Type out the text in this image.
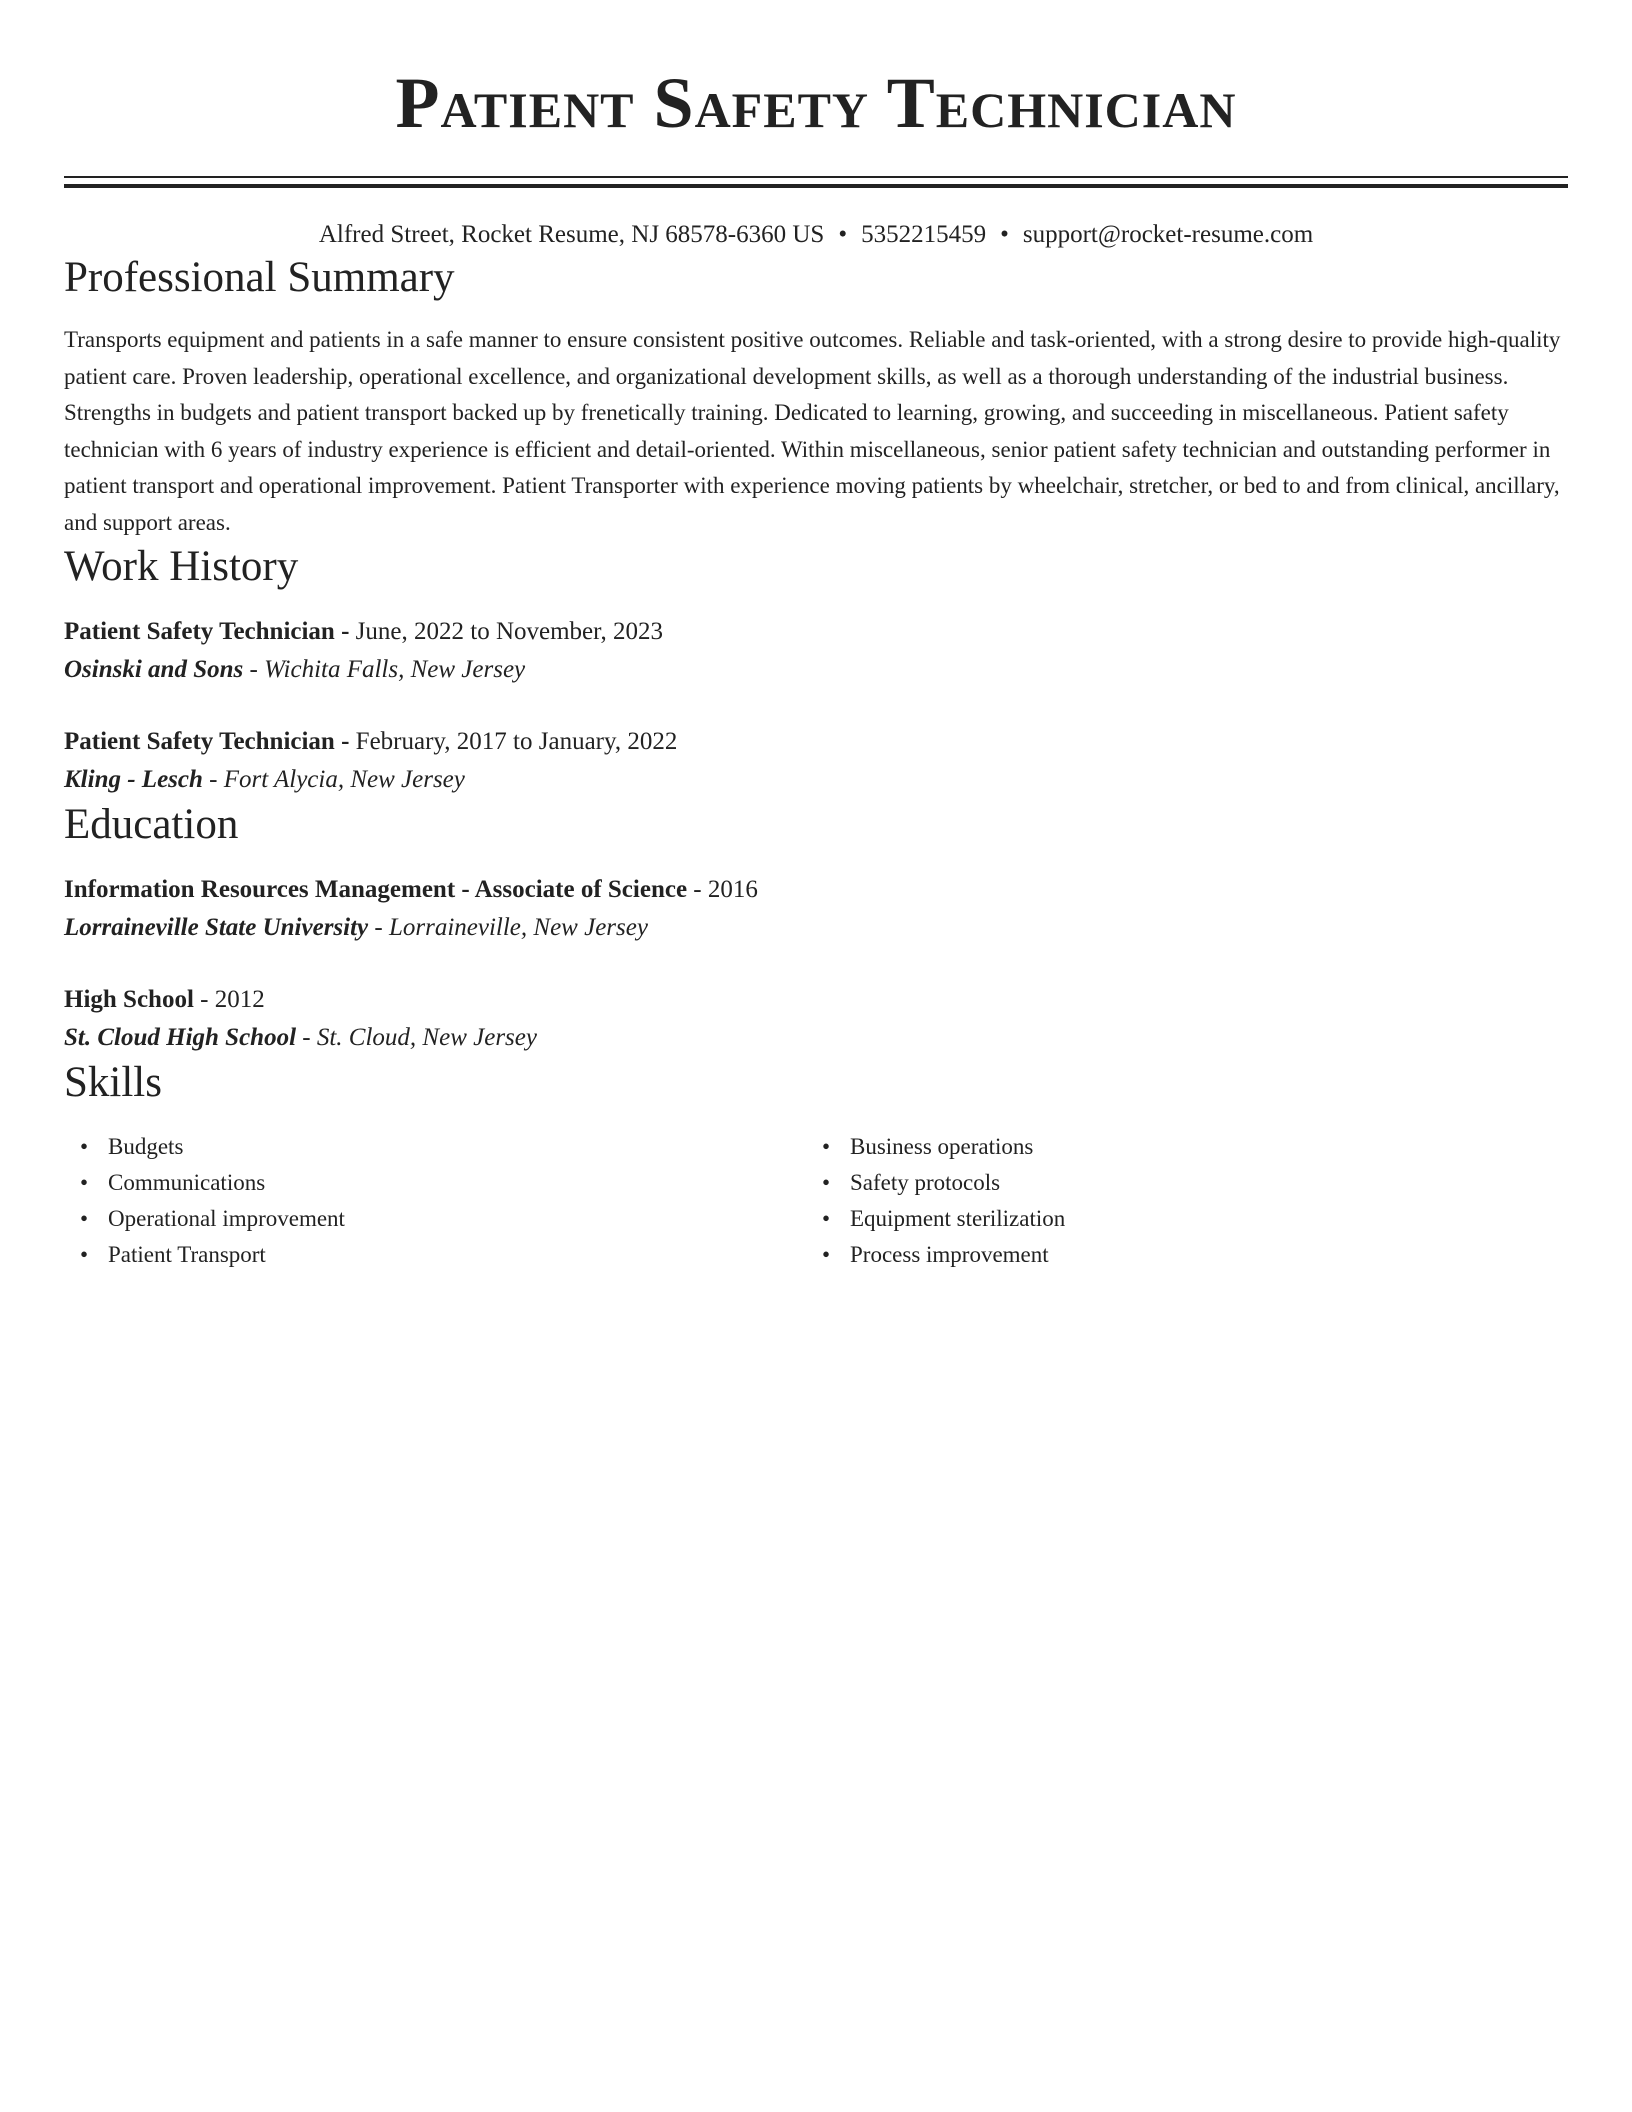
Patient Safety Technician
Alfred Street, Rocket Resume, NJ 68578-6360 US • 5352215459 • support@rocket-resume.com
Professional Summary
Transports equipment and patients in a safe manner to ensure consistent positive outcomes. Reliable and task-oriented, with a strong desire to provide high-quality patient care. Proven leadership, operational excellence, and organizational development skills, as well as a thorough understanding of the industrial business. Strengths in budgets and patient transport backed up by frenetically training. Dedicated to learning, growing, and succeeding in miscellaneous. Patient safety technician with 6 years of industry experience is efficient and detail-oriented. Within miscellaneous, senior patient safety technician and outstanding performer in patient transport and operational improvement. Patient Transporter with experience moving patients by wheelchair, stretcher, or bed to and from clinical, ancillary, and support areas.
Work History
Patient Safety Technician - June, 2022 to November, 2023
Osinski and Sons - Wichita Falls, New Jersey
Patient Safety Technician - February, 2017 to January, 2022
Kling - Lesch - Fort Alycia, New Jersey
Education
Information Resources Management - Associate of Science - 2016
Lorraineville State University - Lorraineville, New Jersey
High School - 2012
St. Cloud High School - St. Cloud, New Jersey
Skills
• Budgets
• Communications
• Operational improvement
• Patient Transport
• Business operations
• Safety protocols
• Equipment sterilization
• Process improvement
